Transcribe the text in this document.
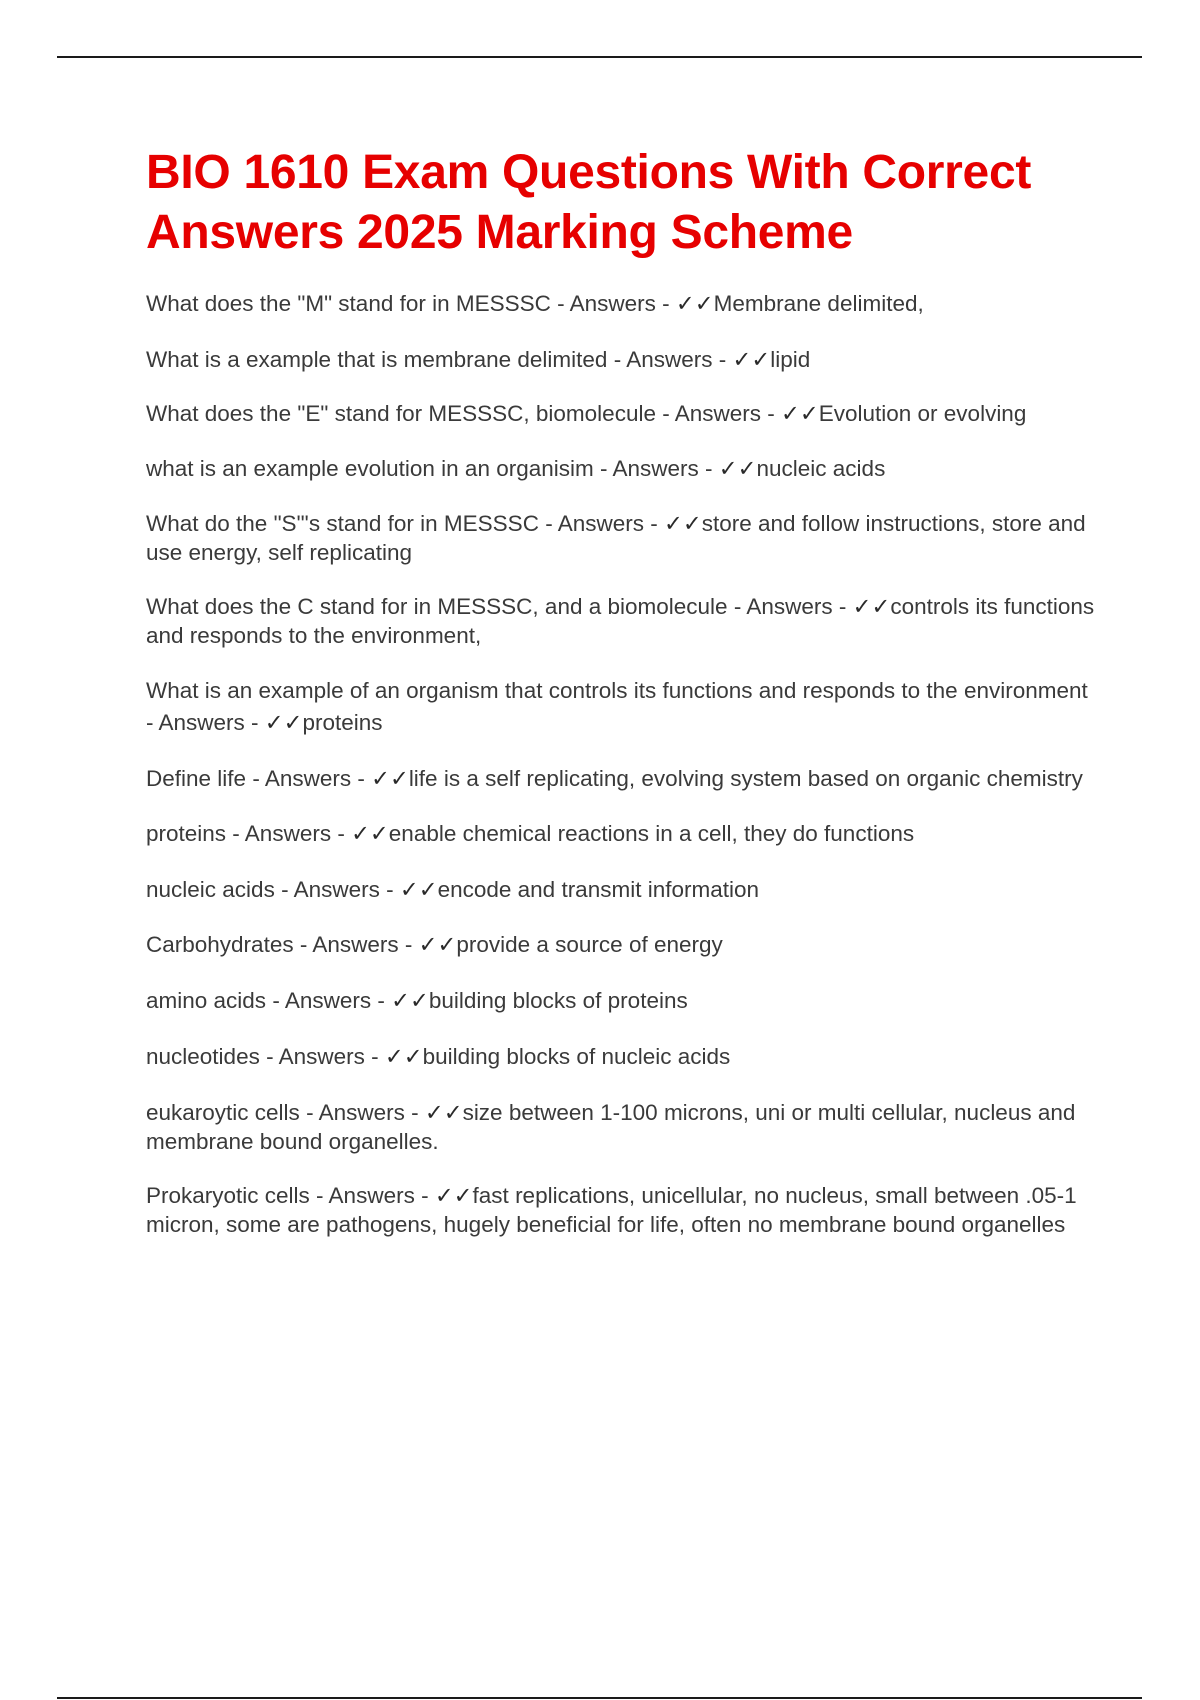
BIO 1610 Exam Questions With Correct Answers 2025 Marking Scheme

What does the "M" stand for in MESSSC - Answers - ✓✓Membrane delimited,

What is a example that is membrane delimited - Answers - ✓✓lipid

What does the "E" stand for MESSSC, biomolecule - Answers - ✓✓Evolution or evolving

what is an example evolution in an organisim - Answers - ✓✓nucleic acids

What do the "S"'s stand for in MESSSC - Answers - ✓✓store and follow instructions, store and use energy, self replicating

What does the C stand for in MESSSC, and a biomolecule - Answers - ✓✓controls its functions and responds to the environment,

What is an example of an organism that controls its functions and responds to the environment - Answers - ✓✓proteins

Define life - Answers - ✓✓life is a self replicating, evolving system based on organic chemistry

proteins - Answers - ✓✓enable chemical reactions in a cell, they do functions

nucleic acids - Answers - ✓✓encode and transmit information

Carbohydrates - Answers - ✓✓provide a source of energy

amino acids - Answers - ✓✓building blocks of proteins

nucleotides - Answers - ✓✓building blocks of nucleic acids

eukaroytic cells - Answers - ✓✓size between 1-100 microns, uni or multi cellular, nucleus and membrane bound organelles.

Prokaryotic cells - Answers - ✓✓fast replications, unicellular, no nucleus, small between .05-1 micron, some are pathogens, hugely beneficial for life, often no membrane bound organelles
